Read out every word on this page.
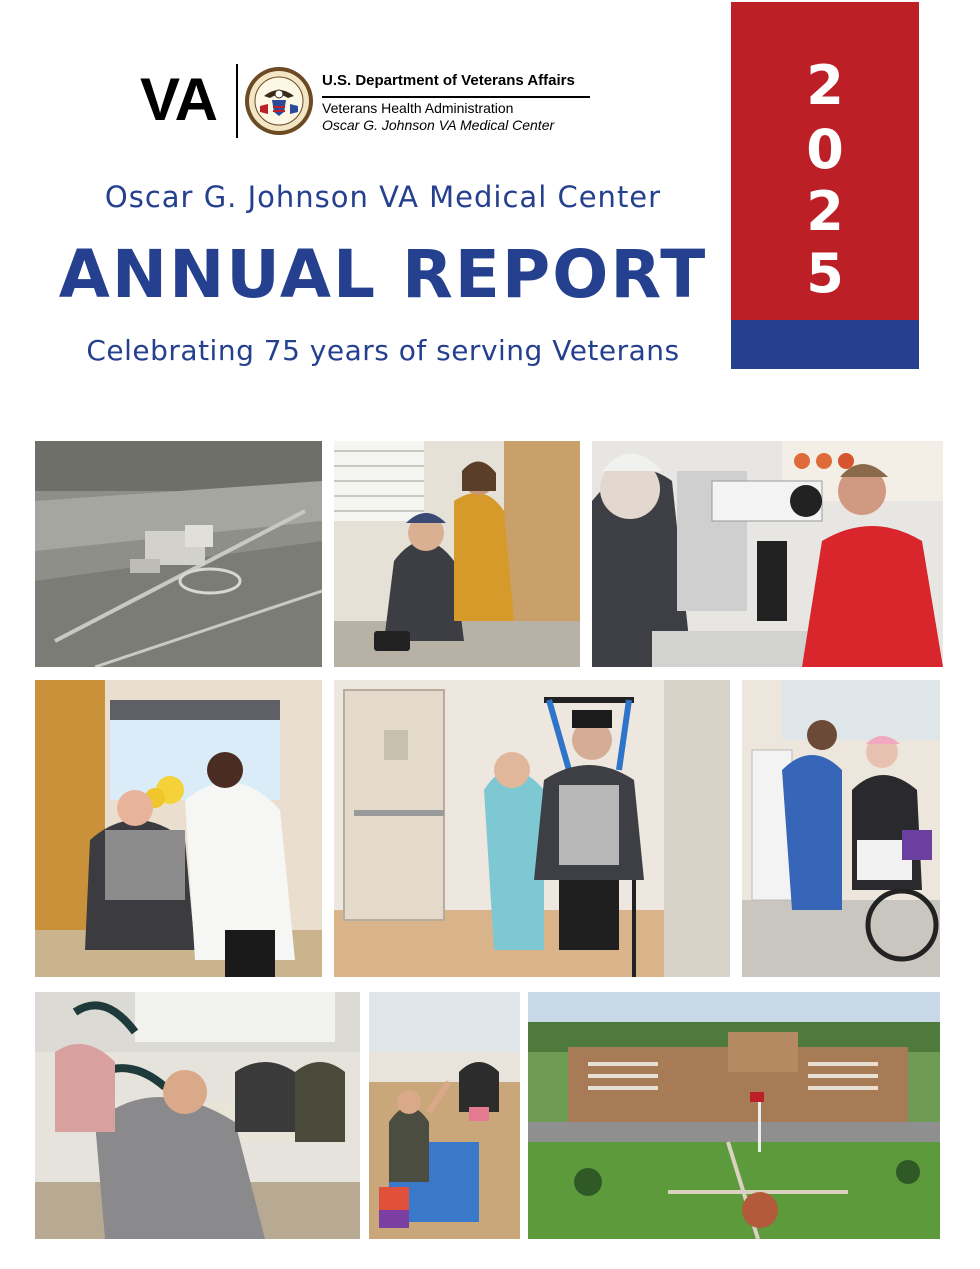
VA	U.S. Department of Veterans Affairs
Veterans Health Administration
Oscar G. Johnson VA Medical Center
Oscar G. Johnson VA Medical Center
ANNUAL REPORT
Celebrating 75 years of serving Veterans
2
0
2
5
